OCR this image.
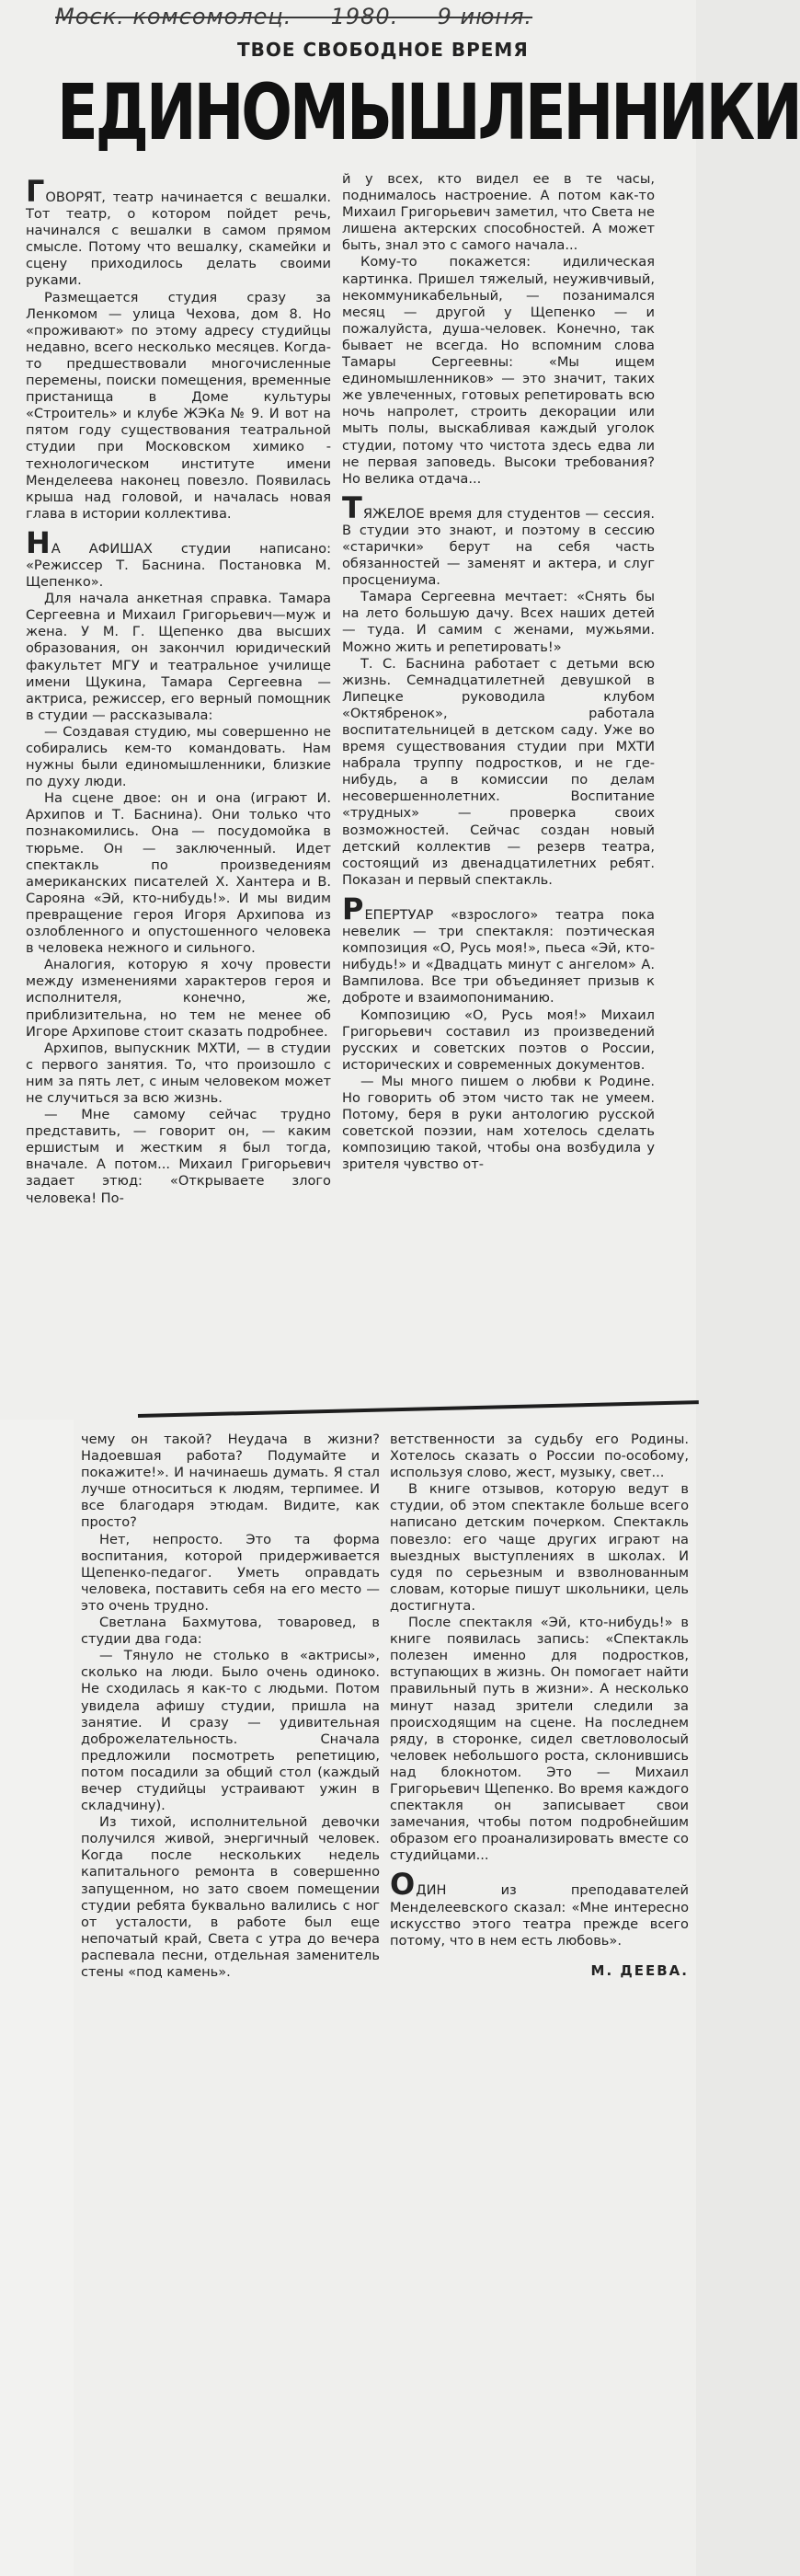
Моск. комсомолец. — 1980. — 9 июня.
ТВОЕ СВОБОДНОЕ ВРЕМЯ
ЕДИНОМЫШЛЕННИКИ

ГОВОРЯТ, театр начинается с вешалки. Тот театр, о котором пойдет речь, начинался с вешалки в самом прямом смысле. Потому что вешалку, скамейки и сцену приходилось делать своими руками.

Размещается студия сразу за Ленкомом — улица Чехова, дом 8. Но «проживают» по этому адресу студийцы недавно, всего несколько месяцев. Когда-то предшествовали многочисленные перемены, поиски помещения, временные пристанища в Доме культуры «Строитель» и клубе ЖЭКа № 9. И вот на пятом году существования театральной студии при Московском химико - технологическом институте имени Менделеева наконец повезло. Появилась крыша над головой, и началась новая глава в истории коллектива.

НА АФИШАХ студии написано: «Режиссер Т. Баснина. Постановка М. Щепенко».

Для начала анкетная справка. Тамара Сергеевна и Михаил Григорьевич—муж и жена. У М. Г. Щепенко два высших образования, он закончил юридический факультет МГУ и театральное училище имени Щукина, Тамара Сергеевна — актриса, режиссер, его верный помощник в студии — рассказывала:

— Создавая студию, мы совершенно не собирались кем-то командовать. Нам нужны были единомышленники, близкие по духу люди.

На сцене двое: он и она (играют И. Архипов и Т. Баснина). Они только что познакомились. Она — посудомойка в тюрьме. Он — заключенный. Идет спектакль по произведениям американских писателей Х. Хантера и В. Сарояна «Эй, кто-нибудь!». И мы видим превращение героя Игоря Архипова из озлобленного и опустошенного человека в человека нежного и сильного.

Аналогия, которую я хочу провести между изменениями характеров героя и исполнителя, конечно, же, приблизительна, но тем не менее об Игоре Архипове стоит сказать подробнее.

Архипов, выпускник МХТИ, — в студии с первого занятия. То, что произошло с ним за пять лет, с иным человеком может не случиться за всю жизнь.

— Мне самому сейчас трудно представить, — говорит он, — каким ершистым и жестким я был тогда, вначале. А потом... Михаил Григорьевич задает этюд: «Открываете злого человека! По-

й у всех, кто видел ее в те часы, поднималось настроение. А потом как-то Михаил Григорьевич заметил, что Света не лишена актерских способностей. А может быть, знал это с самого начала...

Кому-то покажется: идилическая картинка. Пришел тяжелый, неуживчивый, некоммуникабельный, — позанимался месяц — другой у Щепенко — и пожалуйста, душа-человек. Конечно, так бывает не всегда. Но вспомним слова Тамары Сергеевны: «Мы ищем единомышленников» — это значит, таких же увлеченных, готовых репетировать всю ночь напролет, строить декорации или мыть полы, выскабливая каждый уголок студии, потому что чистота здесь едва ли не первая заповедь. Высоки требования? Но велика отдача...

ТЯЖЕЛОЕ время для студентов — сессия. В студии это знают, и поэтому в сессию «старички» берут на себя часть обязанностей — заменят и актера, и слуг просцениума.

Тамара Сергеевна мечтает: «Снять бы на лето большую дачу. Всех наших детей — туда. И самим с женами, мужьями. Можно жить и репетировать!»

Т. С. Баснина работает с детьми всю жизнь. Семнадцатилетней девушкой в Липецке руководила клубом «Октябренок», работала воспитательницей в детском саду. Уже во время существования студии при МХТИ набрала труппу подростков, и не где-нибудь, а в комиссии по делам несовершеннолетних. Воспитание «трудных» — проверка своих возможностей. Сейчас создан новый детский коллектив — резерв театра, состоящий из двенадцатилетних ребят. Показан и первый спектакль.

РЕПЕРТУАР «взрослого» театра пока невелик — три спектакля: поэтическая композиция «О, Русь моя!», пьеса «Эй, кто-нибудь!» и «Двадцать минут с ангелом» А. Вампилова. Все три объединяет призыв к доброте и взаимопониманию.

Композицию «О, Русь моя!» Михаил Григорьевич составил из произведений русских и советских поэтов о России, исторических и современных документов.

— Мы много пишем о любви к Родине. Но говорить об этом чисто так не умеем. Потому, беря в руки антологию русской советской поэзии, нам хотелось сделать композицию такой, чтобы она возбудила у зрителя чувство от-

чему он такой? Неудача в жизни? Надоевшая работа? Подумайте и покажите!». И начинаешь думать. Я стал лучше относиться к людям, терпимее. И все благодаря этюдам. Видите, как просто?

Нет, непросто. Это та форма воспитания, которой придерживается Щепенко-педагог. Уметь оправдать человека, поставить себя на его место — это очень трудно.

Светлана Бахмутова, товаровед, в студии два года:

— Тянуло не столько в «актрисы», сколько на люди. Было очень одиноко. Не сходилась я как-то с людьми. Потом увидела афишу студии, пришла на занятие. И сразу — удивительная доброжелательность. Сначала предложили посмотреть репетицию, потом посадили за общий стол (каждый вечер студийцы устраивают ужин в складчину).

Из тихой, исполнительной девочки получился живой, энергичный человек. Когда после нескольких недель капитального ремонта в совершенно запущенном, но зато своем помещении студии ребята буквально валились с ног от усталости, в работе был еще непочатый край, Света с утра до вечера распевала песни, отдельная заменитель стены «под камень».

ветственности за судьбу его Родины. Хотелось сказать о России по-особому, используя слово, жест, музыку, свет...

В книге отзывов, которую ведут в студии, об этом спектакле больше всего написано детским почерком. Спектакль повезло: его чаще других играют на выездных выступлениях в школах. И судя по серьезным и взволнованным словам, которые пишут школьники, цель достигнута.

После спектакля «Эй, кто-нибудь!» в книге появилась запись: «Спектакль полезен именно для подростков, вступающих в жизнь. Он помогает найти правильный путь в жизни». А несколько минут назад зрители следили за происходящим на сцене. На последнем ряду, в сторонке, сидел светловолосый человек небольшого роста, склонившись над блокнотом. Это — Михаил Григорьевич Щепенко. Во время каждого спектакля он записывает свои замечания, чтобы потом подробнейшим образом его проанализировать вместе со студийцами...

ОДИН из преподавателей Менделеевского сказал: «Мне интересно искусство этого театра прежде всего потому, что в нем есть любовь».

М. ДЕЕВА.
